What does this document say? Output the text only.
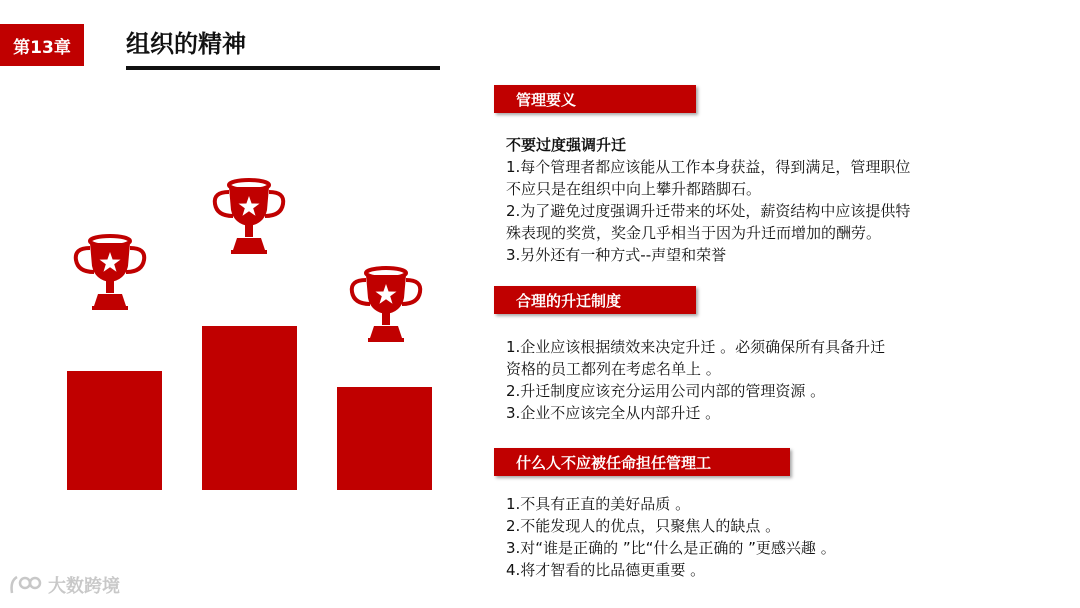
第13章 组织的精神
管理要义
不要过度强调升迁
1.每个管理者都应该能从工作本身获益，得到满足，管理职位
不应只是在组织中向上攀升都踏脚石。
2.为了避免过度强调升迁带来的坏处，薪资结构中应该提供特
殊表现的奖赏，奖金几乎相当于因为升迁而增加的酬劳。
3.另外还有一种方式--声望和荣誉
合理的升迁制度
1.企业应该根据绩效来决定升迁 。必须确保所有具备升迁
资格的员工都列在考虑名单上 。
2.升迁制度应该充分运用公司内部的管理资源 。
3.企业不应该完全从内部升迁 。
什么人不应被任命担任管理工
1.不具有正直的美好品质 。
2.不能发现人的优点，只聚焦人的缺点 。
3.对“谁是正确的 ”比“什么是正确的 ”更感兴趣 。
4.将才智看的比品德更重要 。
大数跨境
